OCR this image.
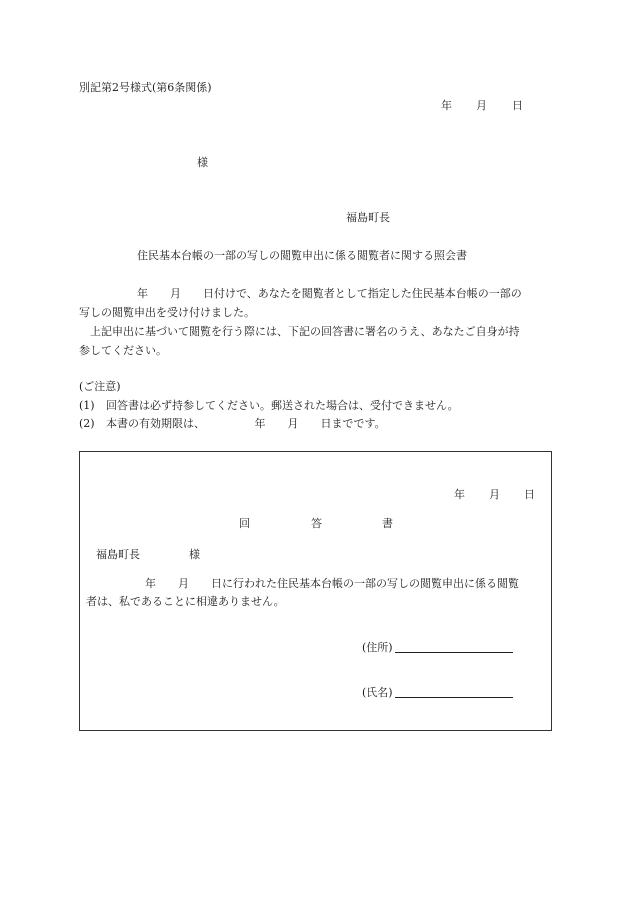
別記第2号様式(第6条関係)
年 月 日
様
福島町長
住民基本台帳の一部の写しの閲覧申出に係る閲覧者に関する照会書
年　　月　　日付けで、あなたを閲覧者として指定した住民基本台帳の一部の
写しの閲覧申出を受け付けました。
上記申出に基づいて閲覧を行う際には、下記の回答書に署名のうえ、あなたご自身が持
参してください。
(ご注意)
(1) 回答書は必ず持参してください。郵送された場合は、受付できません。
(2) 本書の有効期限は、　　　　　年　　月　　日までです。
年 月 日
回	答	書
福島町長	様
年　　月　　日に行われた住民基本台帳の一部の写しの閲覧申出に係る閲覧
者は、私であることに相違ありません。
(住所)
(氏名)
